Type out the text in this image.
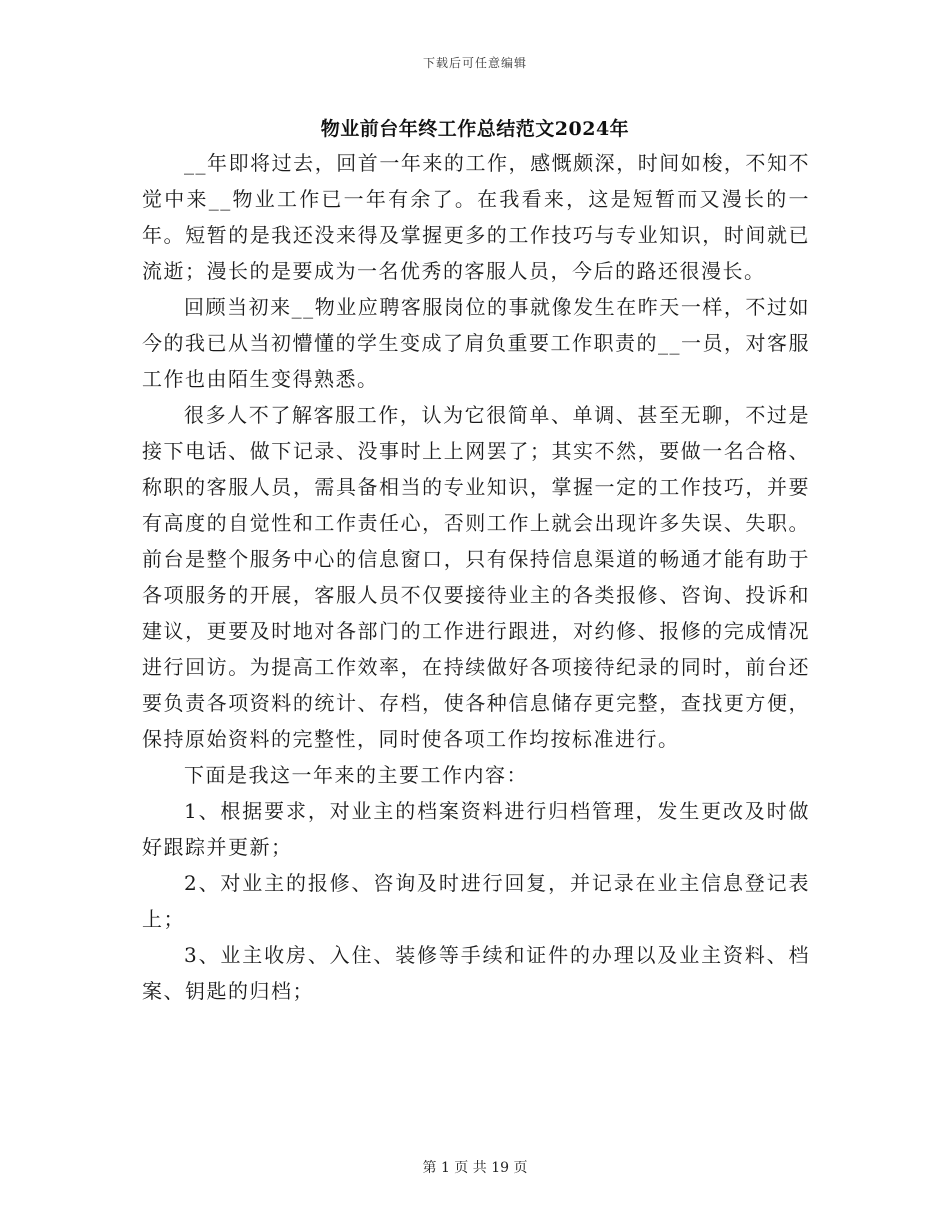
下载后可任意编辑
物业前台年终工作总结范文2024年

__年即将过去，回首一年来的工作，感慨颇深，时间如梭，不知不觉中来__物业工作已一年有余了。在我看来，这是短暂而又漫长的一年。短暂的是我还没来得及掌握更多的工作技巧与专业知识，时间就已流逝；漫长的是要成为一名优秀的客服人员，今后的路还很漫长。

回顾当初来__物业应聘客服岗位的事就像发生在昨天一样，不过如今的我已从当初懵懂的学生变成了肩负重要工作职责的__一员，对客服工作也由陌生变得熟悉。

很多人不了解客服工作，认为它很简单、单调、甚至无聊，不过是接下电话、做下记录、没事时上上网罢了；其实不然，要做一名合格、称职的客服人员，需具备相当的专业知识，掌握一定的工作技巧，并要有高度的自觉性和工作责任心，否则工作上就会出现许多失误、失职。前台是整个服务中心的信息窗口，只有保持信息渠道的畅通才能有助于各项服务的开展，客服人员不仅要接待业主的各类报修、咨询、投诉和建议，更要及时地对各部门的工作进行跟进，对约修、报修的完成情况进行回访。为提高工作效率，在持续做好各项接待纪录的同时，前台还要负责各项资料的统计、存档，使各种信息储存更完整，查找更方便，保持原始资料的完整性，同时使各项工作均按标准进行。

下面是我这一年来的主要工作内容：

1、根据要求，对业主的档案资料进行归档管理，发生更改及时做好跟踪并更新；

2、对业主的报修、咨询及时进行回复，并记录在业主信息登记表上；

3、业主收房、入住、装修等手续和证件的办理以及业主资料、档案、钥匙的归档；

第 1 页 共 19 页
